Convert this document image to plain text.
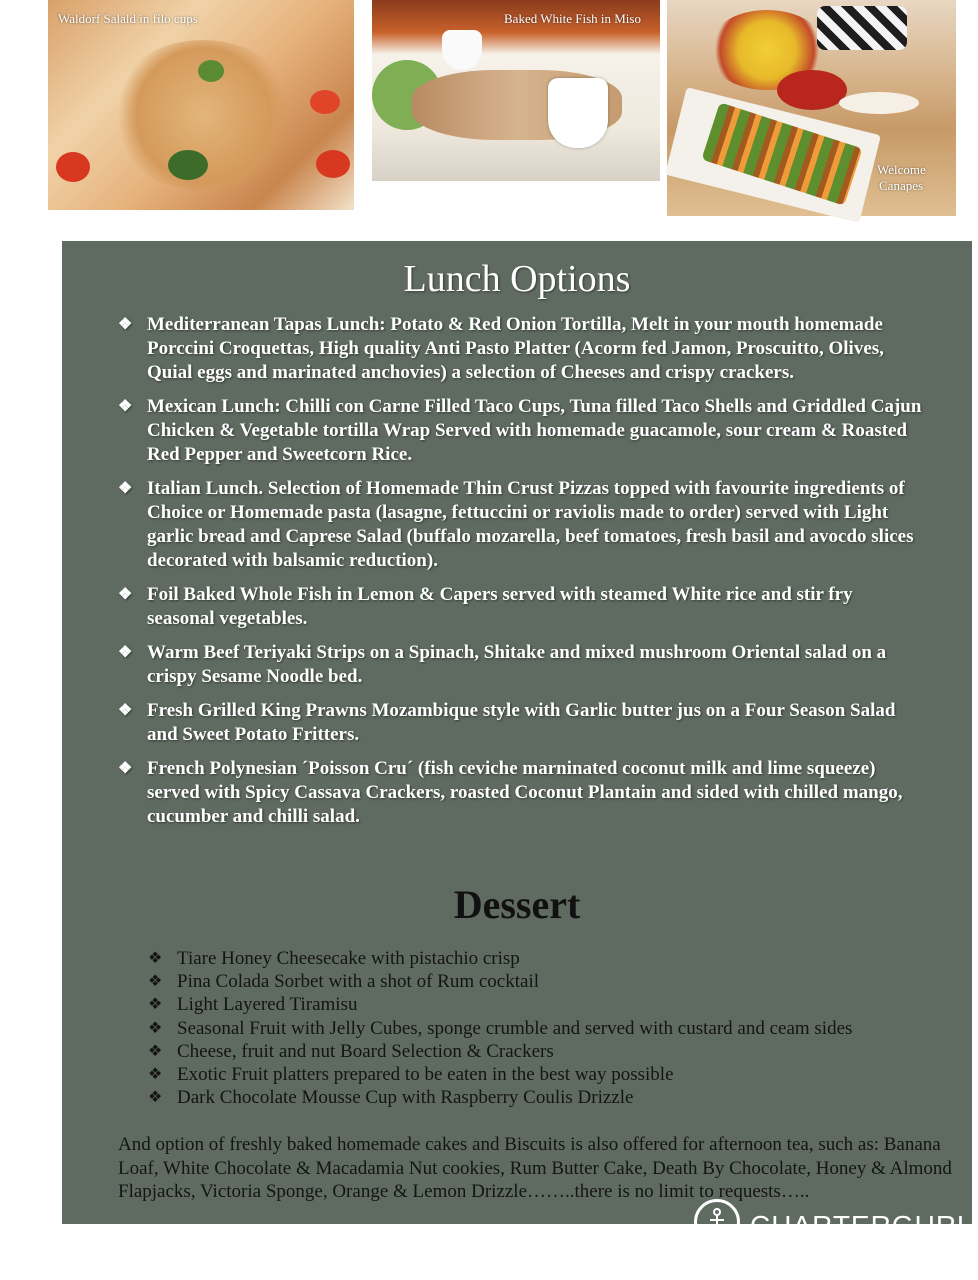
Waldorf Salald in filo cups	Baked White Fish in Miso
Welcome
Canapes
Lunch Options
❖ Mediterranean Tapas Lunch: Potato & Red Onion Tortilla, Melt in your mouth homemade Porccini Croquettas, High quality Anti Pasto Platter (Acorm fed Jamon, Proscuitto, Olives, Quial eggs and marinated anchovies) a selection of Cheeses and crispy crackers.
❖ Mexican Lunch: Chilli con Carne Filled Taco Cups, Tuna filled Taco Shells and Griddled Cajun Chicken & Vegetable tortilla Wrap Served with homemade guacamole, sour cream & Roasted Red Pepper and Sweetcorn Rice.
❖ Italian Lunch. Selection of Homemade Thin Crust Pizzas topped with favourite ingredients of Choice or Homemade pasta (lasagne, fettuccini or raviolis made to order) served with Light garlic bread and Caprese Salad (buffalo mozarella, beef tomatoes, fresh basil and avocdo slices decorated with balsamic reduction).
❖ Foil Baked Whole Fish in Lemon & Capers served with steamed White rice and stir fry seasonal vegetables.
❖ Warm Beef Teriyaki Strips on a Spinach, Shitake and mixed mushroom Oriental salad on a crispy Sesame Noodle bed.
❖ Fresh Grilled King Prawns Mozambique style with Garlic butter jus on a Four Season Salad and Sweet Potato Fritters.
❖ French Polynesian ´Poisson Cru´ (fish ceviche marninated coconut milk and lime squeeze) served with Spicy Cassava Crackers, roasted Coconut Plantain and sided with chilled mango, cucumber and chilli salad.
Dessert
❖ Tiare Honey Cheesecake with pistachio crisp
❖ Pina Colada Sorbet with a shot of Rum cocktail
❖ Light Layered Tiramisu
❖ Seasonal Fruit with Jelly Cubes, sponge crumble and served with custard and ceam sides
❖ Cheese, fruit and nut Board Selection & Crackers
❖ Exotic Fruit platters prepared to be eaten in the best way possible
❖ Dark Chocolate Mousse Cup with Raspberry Coulis Drizzle
And option of freshly baked homemade cakes and Biscuits is also offered for afternoon tea, such as: Banana Loaf, White Chocolate & Macadamia Nut cookies, Rum Butter Cake, Death By Chocolate, Honey & Almond Flapjacks, Victoria Sponge, Orange & Lemon Drizzle……..there is no limit to requests…..
CHARTERGURU
